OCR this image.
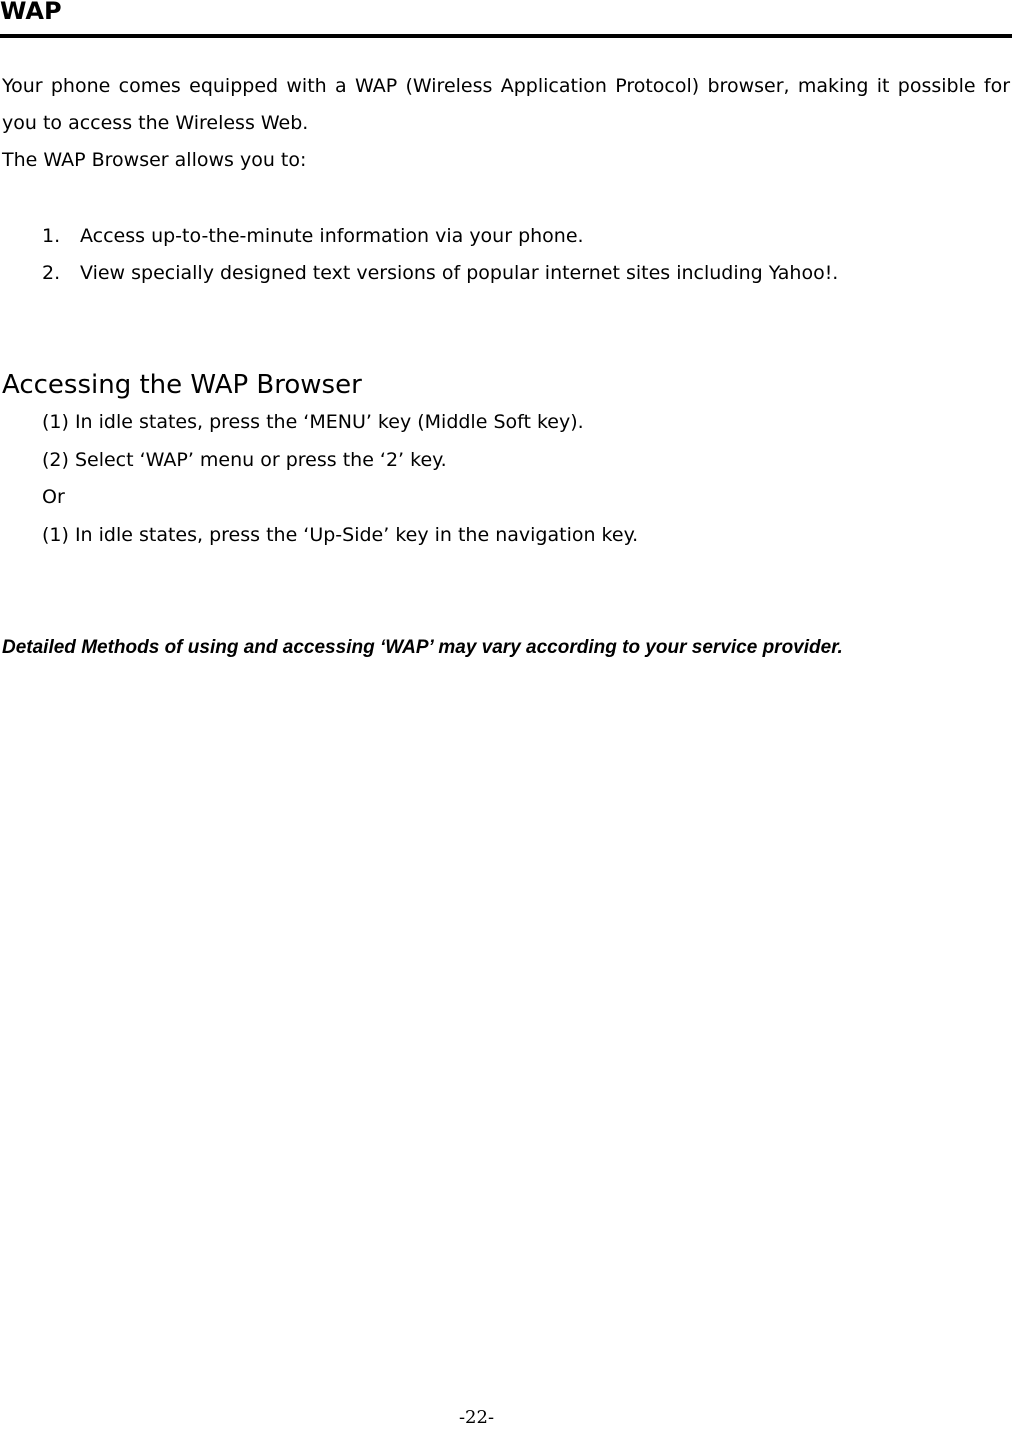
WAP

Your phone comes equipped with a WAP (Wireless Application Protocol) browser, making it possible for you to access the Wireless Web.

The WAP Browser allows you to:

1.	Access up-to-the-minute information via your phone.
2.	View specially designed text versions of popular internet sites including Yahoo!.
Accessing the WAP Browser
(1) In idle states, press the ‘MENU’ key (Middle Soft key).
(2) Select ‘WAP’ menu or press the ‘2’ key.
Or
(1) In idle states, press the ‘Up-Side’ key in the navigation key.

Detailed Methods of using and accessing ‘WAP’ may vary according to your service provider.

-22-
